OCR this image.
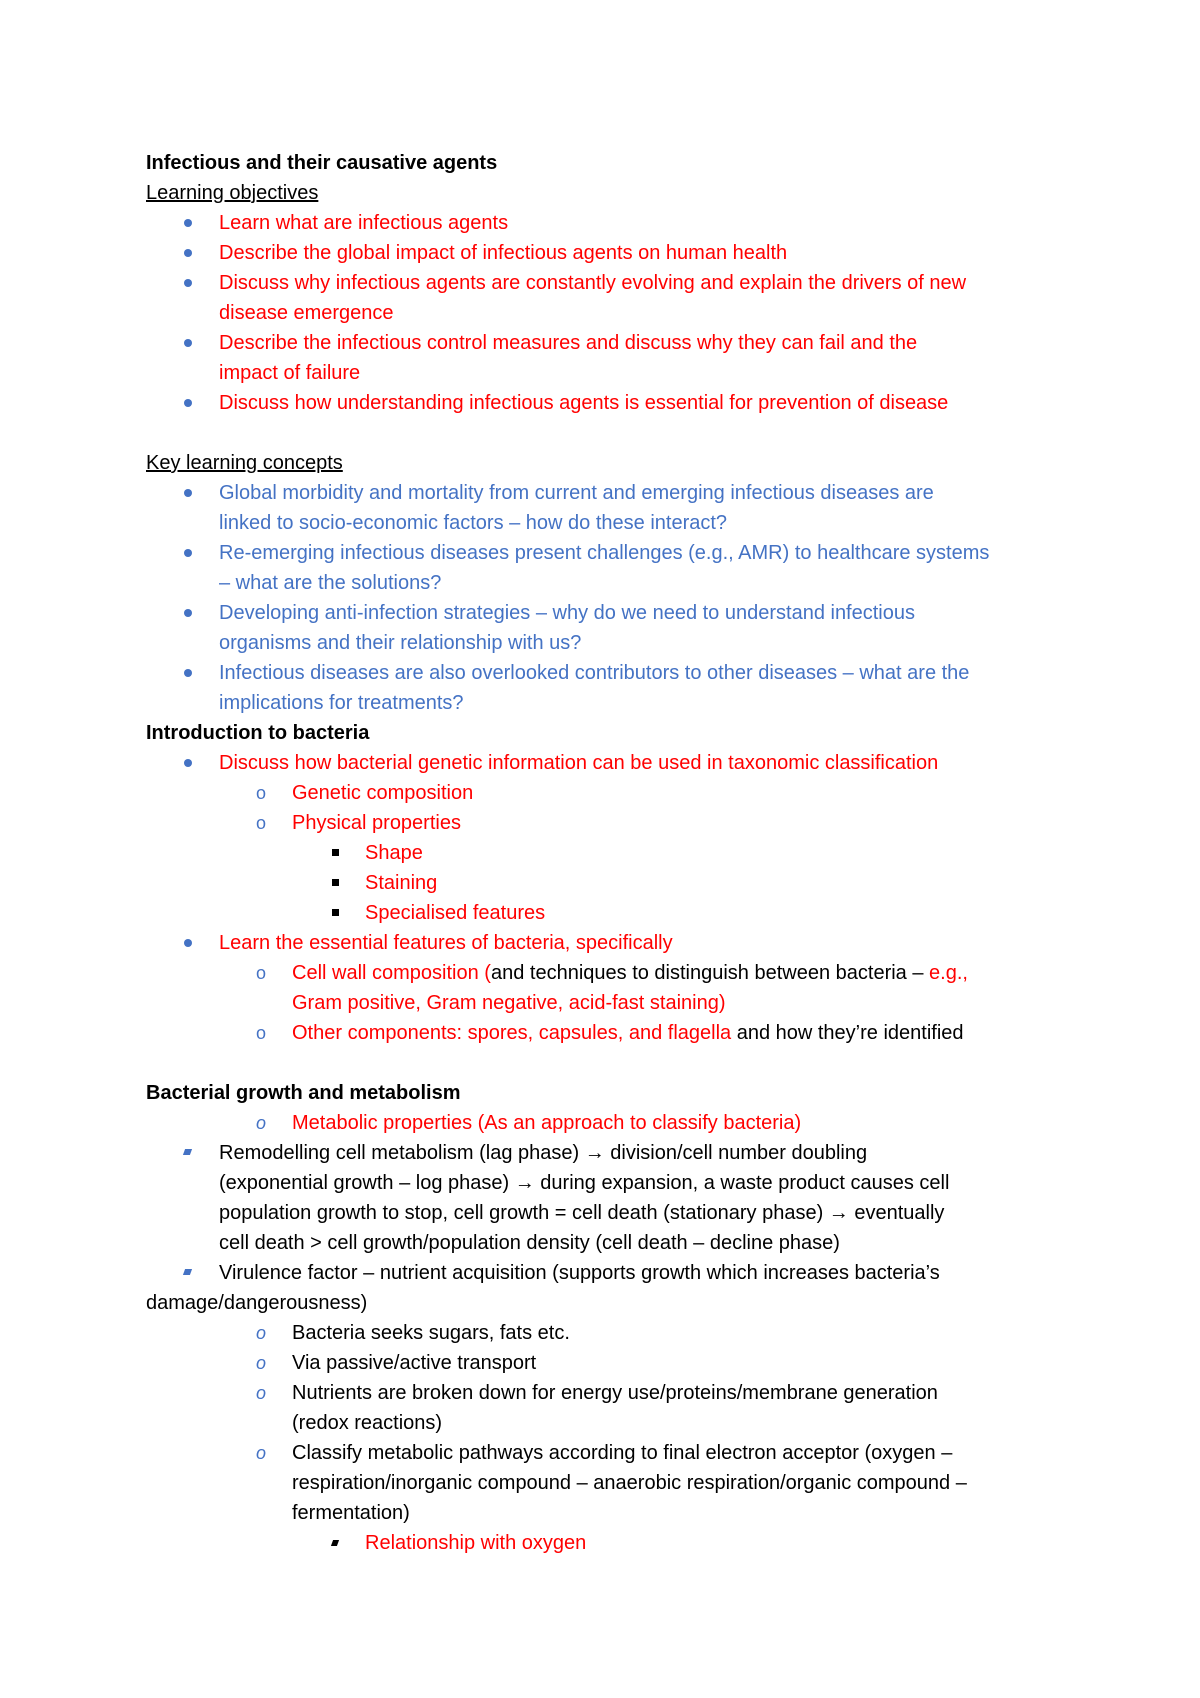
Infectious and their causative agents
Learning objectives
Learn what are infectious agents
Describe the global impact of infectious agents on human health
Discuss why infectious agents are constantly evolving and explain the drivers of new
disease emergence
Describe the infectious control measures and discuss why they can fail and the
impact of failure
Discuss how understanding infectious agents is essential for prevention of disease
Key learning concepts
Global morbidity and mortality from current and emerging infectious diseases are
linked to socio-economic factors – how do these interact?
Re-emerging infectious diseases present challenges (e.g., AMR) to healthcare systems
– what are the solutions?
Developing anti-infection strategies – why do we need to understand infectious
organisms and their relationship with us?
Infectious diseases are also overlooked contributors to other diseases – what are the
implications for treatments?
Introduction to bacteria
Discuss how bacterial genetic information can be used in taxonomic classification
o Genetic composition
o Physical properties
Shape
Staining
Specialised features
Learn the essential features of bacteria, specifically
o Cell wall composition (and techniques to distinguish between bacteria – e.g.,
Gram positive, Gram negative, acid-fast staining)
o Other components: spores, capsules, and flagella and how they’re identified
Bacterial growth and metabolism
o Metabolic properties (As an approach to classify bacteria)
Remodelling cell metabolism (lag phase) → division/cell number doubling
(exponential growth – log phase) → during expansion, a waste product causes cell
population growth to stop, cell growth = cell death (stationary phase) → eventually
cell death > cell growth/population density (cell death – decline phase)
Virulence factor – nutrient acquisition (supports growth which increases bacteria’s
damage/dangerousness)
o Bacteria seeks sugars, fats etc.
o Via passive/active transport
o Nutrients are broken down for energy use/proteins/membrane generation
(redox reactions)
o Classify metabolic pathways according to final electron acceptor (oxygen –
respiration/inorganic compound – anaerobic respiration/organic compound –
fermentation)
Relationship with oxygen
